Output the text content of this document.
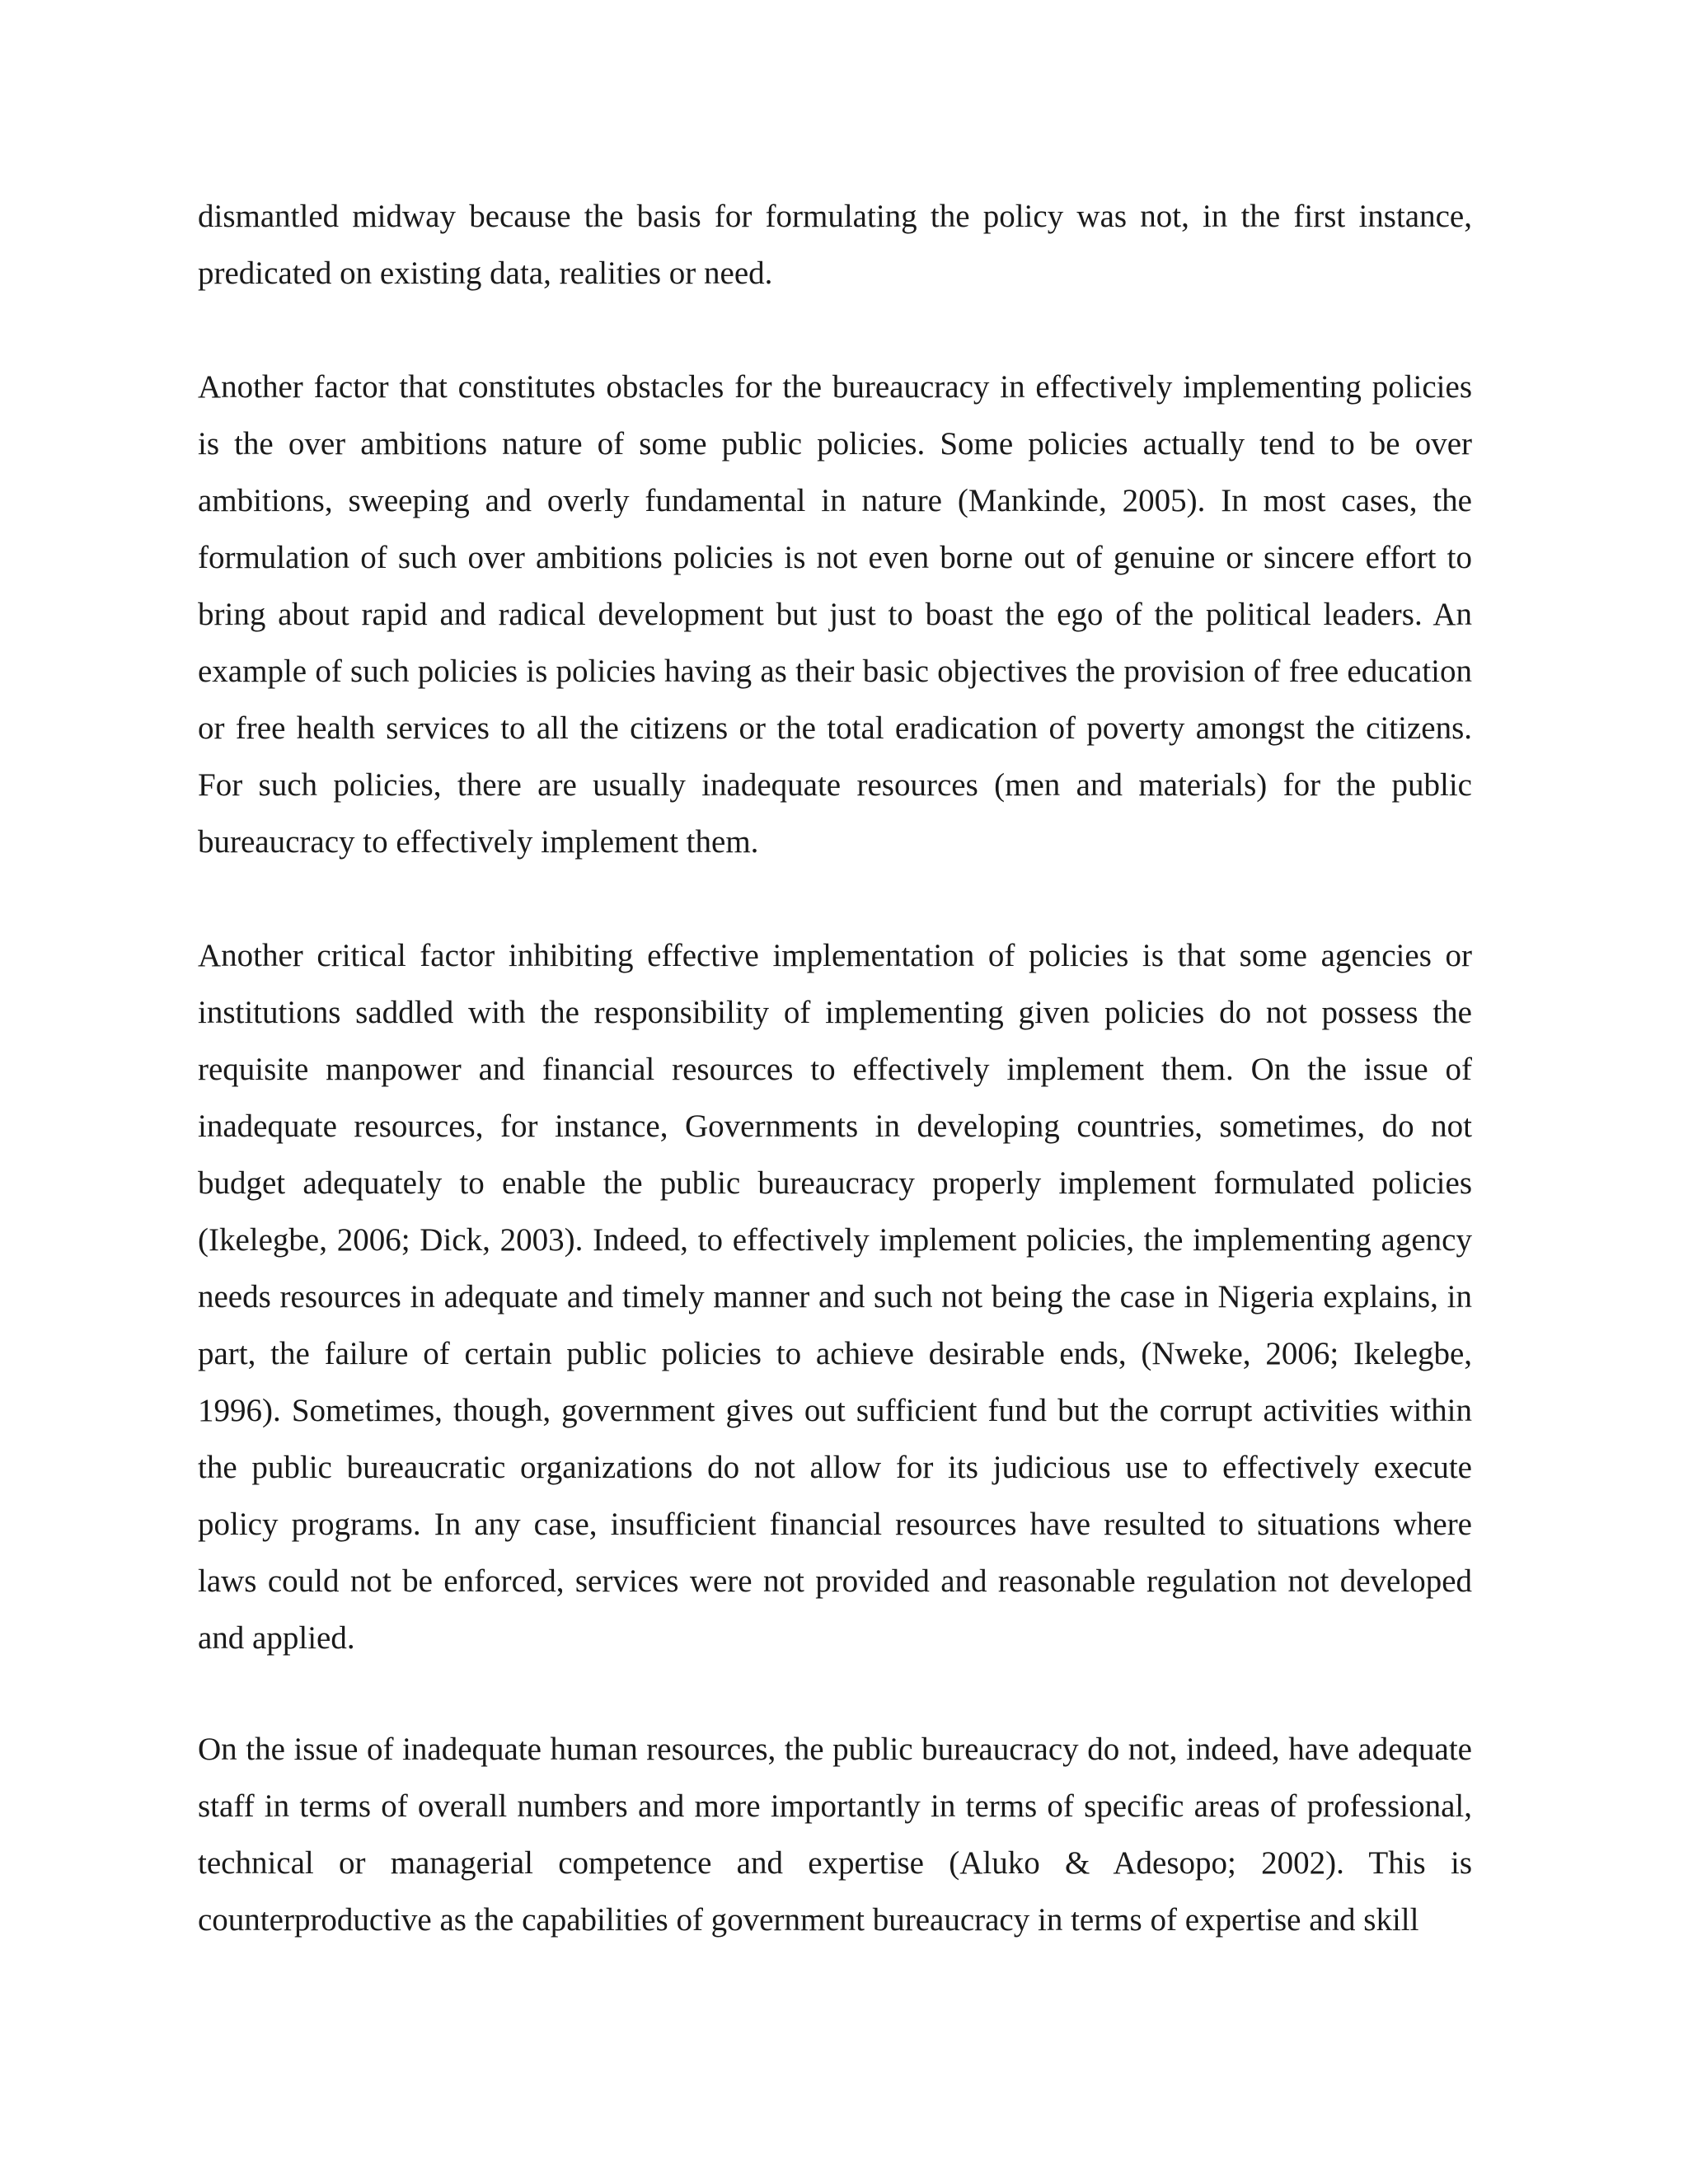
dismantled midway because the basis for formulating the policy was not, in the first instance, predicated on existing data, realities or need.

Another factor that constitutes obstacles for the bureaucracy in effectively implementing policies is the over ambitions nature of some public policies. Some policies actually tend to be over ambitions, sweeping and overly fundamental in nature (Mankinde, 2005). In most cases, the formulation of such over ambitions policies is not even borne out of genuine or sincere effort to bring about rapid and radical development but just to boast the ego of the political leaders. An example of such policies is policies having as their basic objectives the provision of free education or free health services to all the citizens or the total eradication of poverty amongst the citizens. For such policies, there are usually inadequate resources (men and materials) for the public bureaucracy to effectively implement them.

Another critical factor inhibiting effective implementation of policies is that some agencies or institutions saddled with the responsibility of implementing given policies do not possess the requisite manpower and financial resources to effectively implement them. On the issue of inadequate resources, for instance, Governments in developing countries, sometimes, do not budget adequately to enable the public bureaucracy properly implement formulated policies (Ikelegbe, 2006; Dick, 2003). Indeed, to effectively implement policies, the implementing agency needs resources in adequate and timely manner and such not being the case in Nigeria explains, in part, the failure of certain public policies to achieve desirable ends, (Nweke, 2006; Ikelegbe, 1996). Sometimes, though, government gives out sufficient fund but the corrupt activities within the public bureaucratic organizations do not allow for its judicious use to effectively execute policy programs. In any case, insufficient financial resources have resulted to situations where laws could not be enforced, services were not provided and reasonable regulation not developed and applied.

On the issue of inadequate human resources, the public bureaucracy do not, indeed, have adequate staff in terms of overall numbers and more importantly in terms of specific areas of professional, technical or managerial competence and expertise (Aluko & Adesopo; 2002). This is counterproductive as the capabilities of government bureaucracy in terms of expertise and skill
